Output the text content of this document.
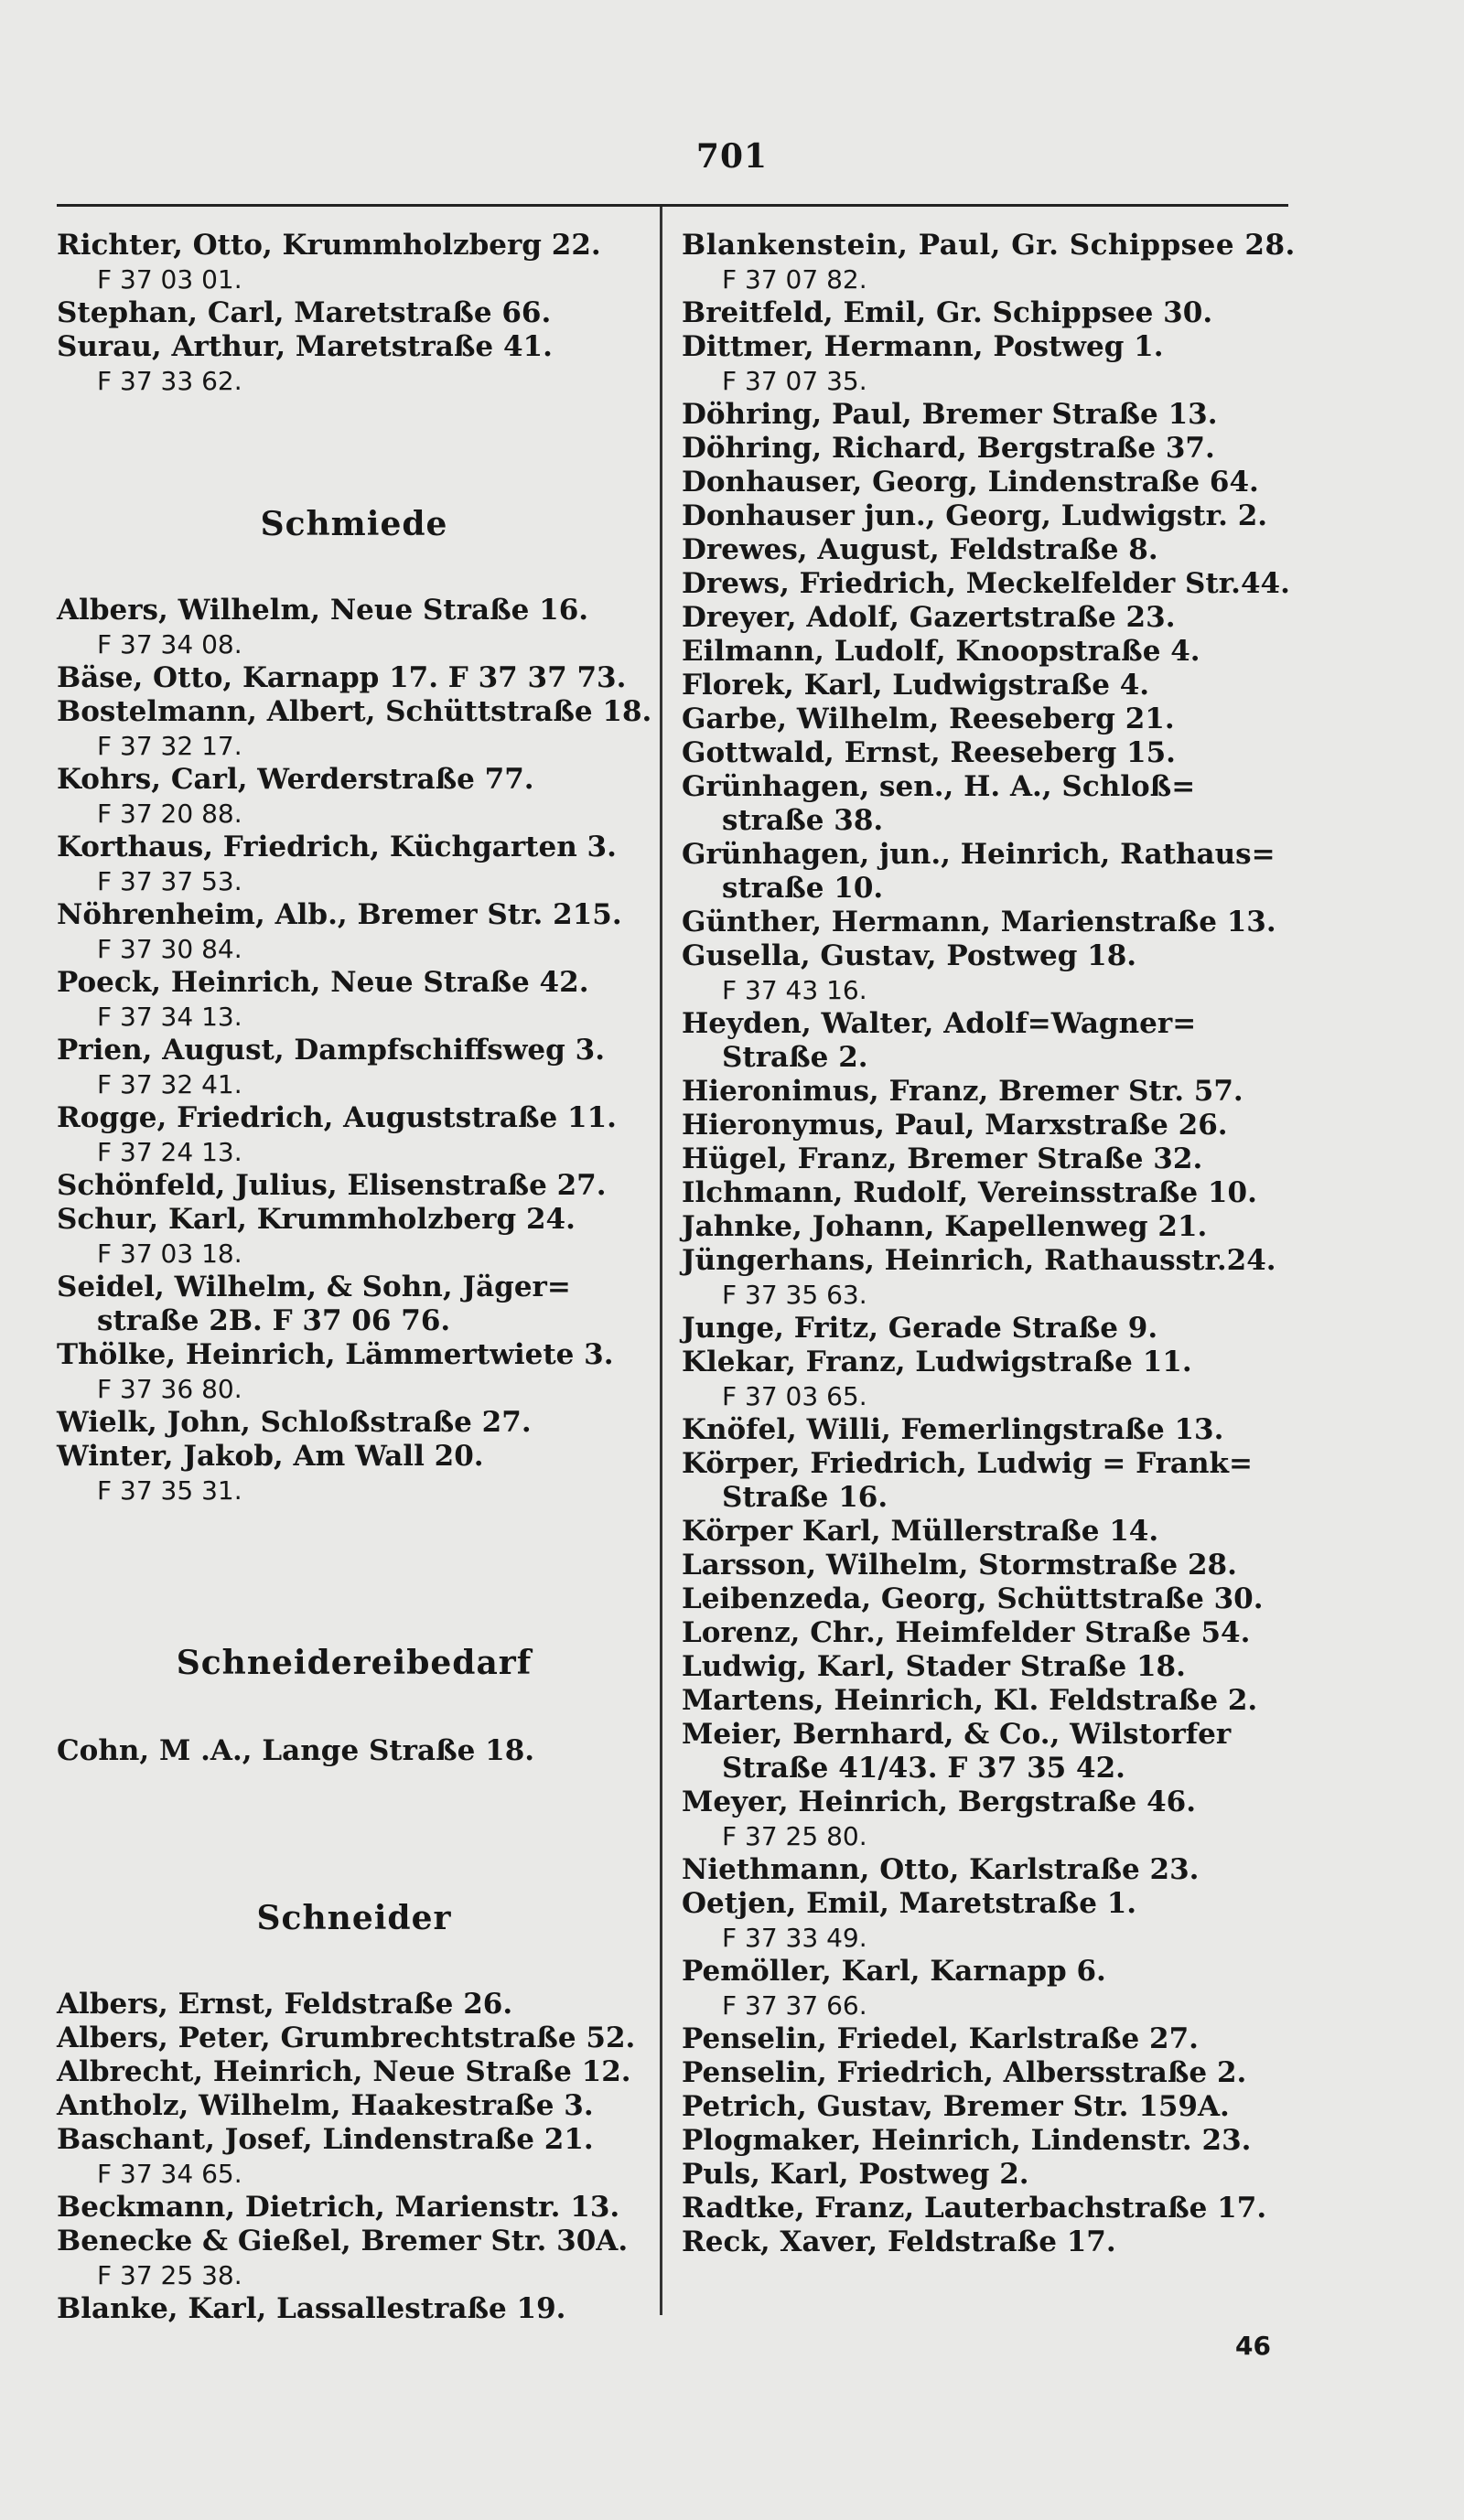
701
Richter, Otto, Krummholzberg 22.
F 37 03 01.
Stephan, Carl, Maretstraße 66.
Surau, Arthur, Maretstraße 41.
F 37 33 62.
Schmiede
Albers, Wilhelm, Neue Straße 16.
F 37 34 08.
Bäse, Otto, Karnapp 17. F 37 37 73.
Bostelmann, Albert, Schüttstraße 18.
F 37 32 17.
Kohrs, Carl, Werderstraße 77.
F 37 20 88.
Korthaus, Friedrich, Küchgarten 3.
F 37 37 53.
Nöhrenheim, Alb., Bremer Str. 215.
F 37 30 84.
Poeck, Heinrich, Neue Straße 42.
F 37 34 13.
Prien, August, Dampfschiffsweg 3.
F 37 32 41.
Rogge, Friedrich, Auguststraße 11.
F 37 24 13.
Schönfeld, Julius, Elisenstraße 27.
Schur, Karl, Krummholzberg 24.
F 37 03 18.
Seidel, Wilhelm, & Sohn, Jäger=
straße 2B. F 37 06 76.
Thölke, Heinrich, Lämmertwiete 3.
F 37 36 80.
Wielk, John, Schloßstraße 27.
Winter, Jakob, Am Wall 20.
F 37 35 31.
Schneidereibedarf
Cohn, M .A., Lange Straße 18.
Schneider
Albers, Ernst, Feldstraße 26.
Albers, Peter, Grumbrechtstraße 52.
Albrecht, Heinrich, Neue Straße 12.
Antholz, Wilhelm, Haakestraße 3.
Baschant, Josef, Lindenstraße 21.
F 37 34 65.
Beckmann, Dietrich, Marienstr. 13.
Benecke & Gießel, Bremer Str. 30A.
F 37 25 38.
Blanke, Karl, Lassallestraße 19.
Blankenstein, Paul, Gr. Schippsee 28.
F 37 07 82.
Breitfeld, Emil, Gr. Schippsee 30.
Dittmer, Hermann, Postweg 1.
F 37 07 35.
Döhring, Paul, Bremer Straße 13.
Döhring, Richard, Bergstraße 37.
Donhauser, Georg, Lindenstraße 64.
Donhauser jun., Georg, Ludwigstr. 2.
Drewes, August, Feldstraße 8.
Drews, Friedrich, Meckelfelder Str.44.
Dreyer, Adolf, Gazertstraße 23.
Eilmann, Ludolf, Knoopstraße 4.
Florek, Karl, Ludwigstraße 4.
Garbe, Wilhelm, Reeseberg 21.
Gottwald, Ernst, Reeseberg 15.
Grünhagen, sen., H. A., Schloß=
straße 38.
Grünhagen, jun., Heinrich, Rathaus=
straße 10.
Günther, Hermann, Marienstraße 13.
Gusella, Gustav, Postweg 18.
F 37 43 16.
Heyden, Walter, Adolf=Wagner=
Straße 2.
Hieronimus, Franz, Bremer Str. 57.
Hieronymus, Paul, Marxstraße 26.
Hügel, Franz, Bremer Straße 32.
Ilchmann, Rudolf, Vereinsstraße 10.
Jahnke, Johann, Kapellenweg 21.
Jüngerhans, Heinrich, Rathausstr.24.
F 37 35 63.
Junge, Fritz, Gerade Straße 9.
Klekar, Franz, Ludwigstraße 11.
F 37 03 65.
Knöfel, Willi, Femerlingstraße 13.
Körper, Friedrich, Ludwig = Frank=
Straße 16.
Körper Karl, Müllerstraße 14.
Larsson, Wilhelm, Stormstraße 28.
Leibenzeda, Georg, Schüttstraße 30.
Lorenz, Chr., Heimfelder Straße 54.
Ludwig, Karl, Stader Straße 18.
Martens, Heinrich, Kl. Feldstraße 2.
Meier, Bernhard, & Co., Wilstorfer
Straße 41/43. F 37 35 42.
Meyer, Heinrich, Bergstraße 46.
F 37 25 80.
Niethmann, Otto, Karlstraße 23.
Oetjen, Emil, Maretstraße 1.
F 37 33 49.
Pemöller, Karl, Karnapp 6.
F 37 37 66.
Penselin, Friedel, Karlstraße 27.
Penselin, Friedrich, Albersstraße 2.
Petrich, Gustav, Bremer Str. 159A.
Plogmaker, Heinrich, Lindenstr. 23.
Puls, Karl, Postweg 2.
Radtke, Franz, Lauterbachstraße 17.
Reck, Xaver, Feldstraße 17.
46
